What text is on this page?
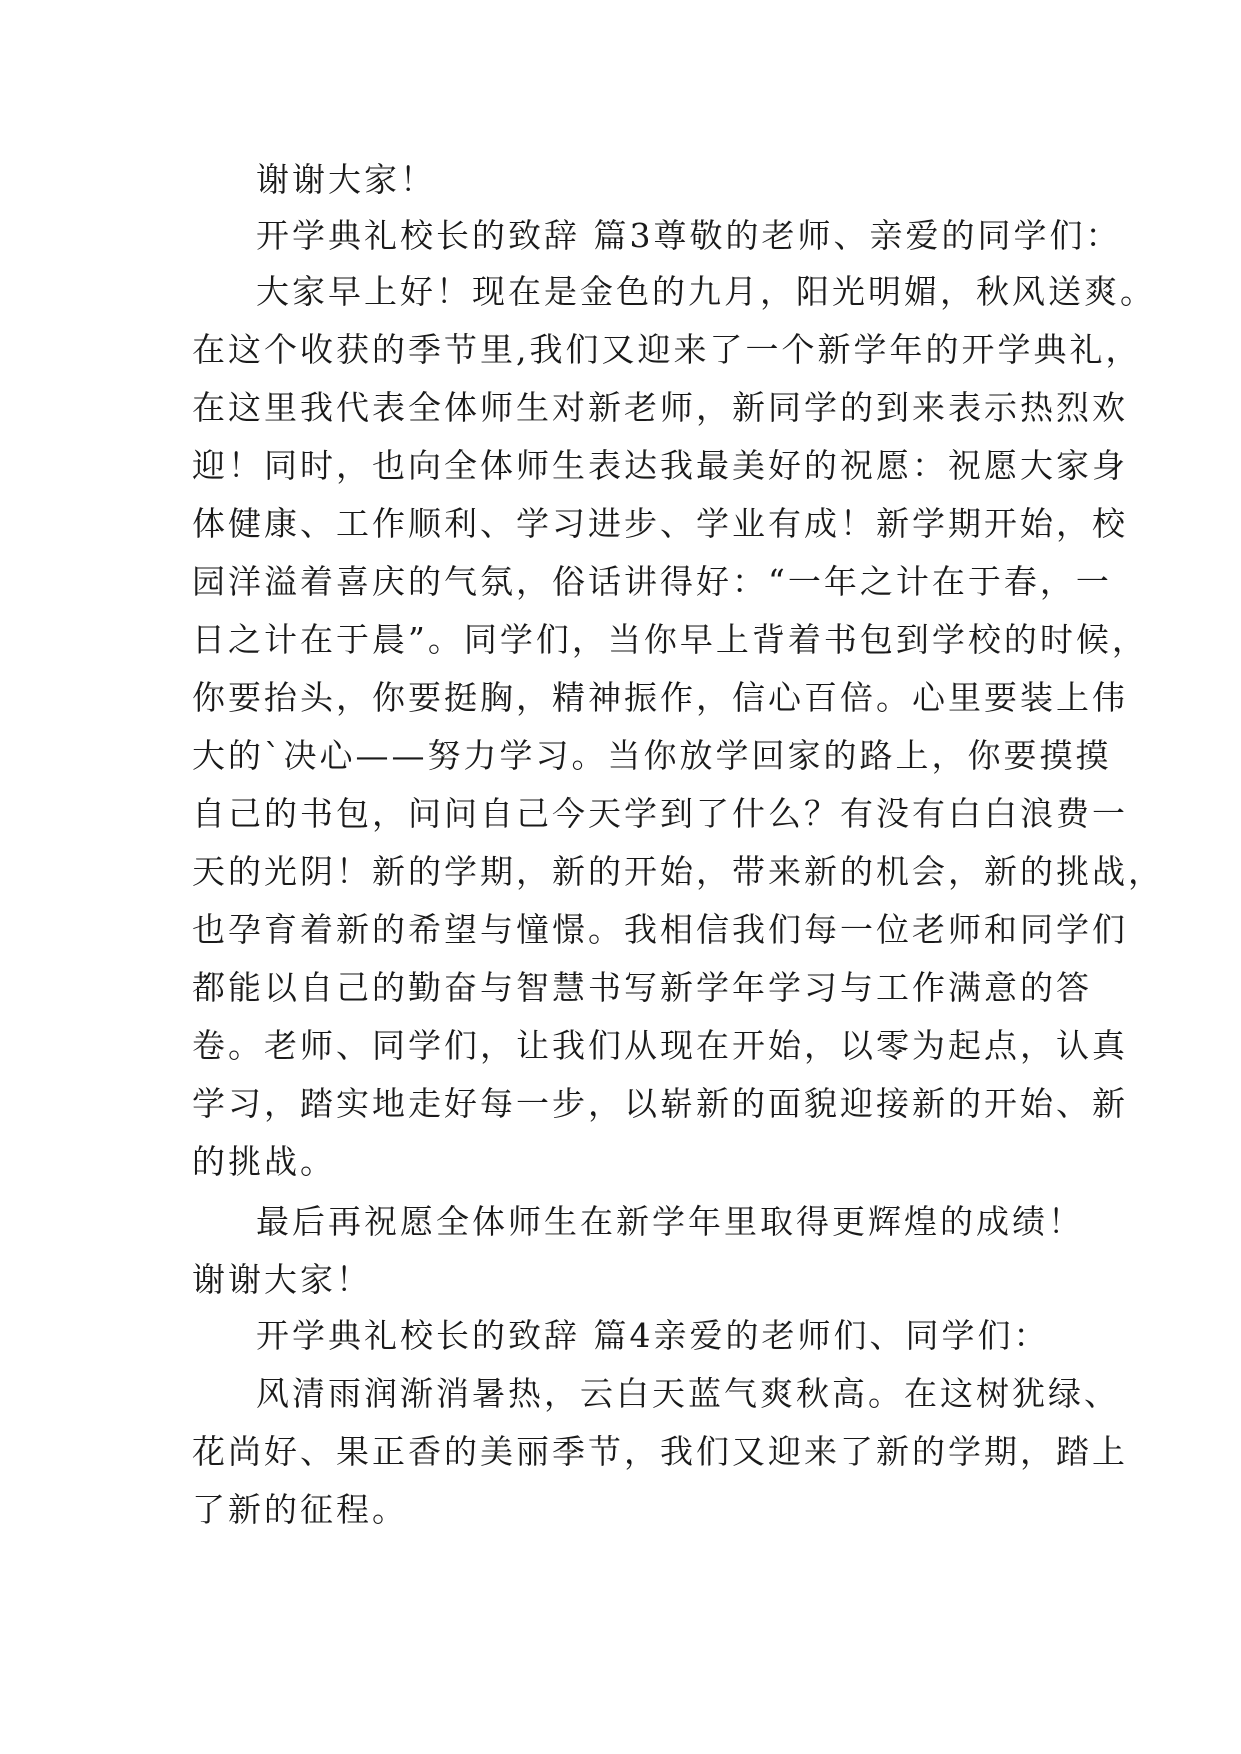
谢谢大家！
开学典礼校长的致辞 篇3尊敬的老师、亲爱的同学们：
大家早上好！现在是金色的九月，阳光明媚，秋风送爽。
在这个收获的季节里,我们又迎来了一个新学年的开学典礼，
在这里我代表全体师生对新老师，新同学的到来表示热烈欢
迎！同时，也向全体师生表达我最美好的祝愿：祝愿大家身
体健康、工作顺利、学习进步、学业有成！新学期开始，校
园洋溢着喜庆的气氛，俗话讲得好：“一年之计在于春，一
日之计在于晨”。同学们，当你早上背着书包到学校的时候，
你要抬头，你要挺胸，精神振作，信心百倍。心里要装上伟
大的`决心——努力学习。当你放学回家的路上，你要摸摸
自己的书包，问问自己今天学到了什么？有没有白白浪费一
天的光阴！新的学期，新的开始，带来新的机会，新的挑战，
也孕育着新的希望与憧憬。我相信我们每一位老师和同学们
都能以自己的勤奋与智慧书写新学年学习与工作满意的答
卷。老师、同学们，让我们从现在开始，以零为起点，认真
学习，踏实地走好每一步，以崭新的面貌迎接新的开始、新
的挑战。
最后再祝愿全体师生在新学年里取得更辉煌的成绩！
谢谢大家！
开学典礼校长的致辞 篇4亲爱的老师们、同学们：
风清雨润渐消暑热，云白天蓝气爽秋高。在这树犹绿、
花尚好、果正香的美丽季节，我们又迎来了新的学期，踏上
了新的征程。
